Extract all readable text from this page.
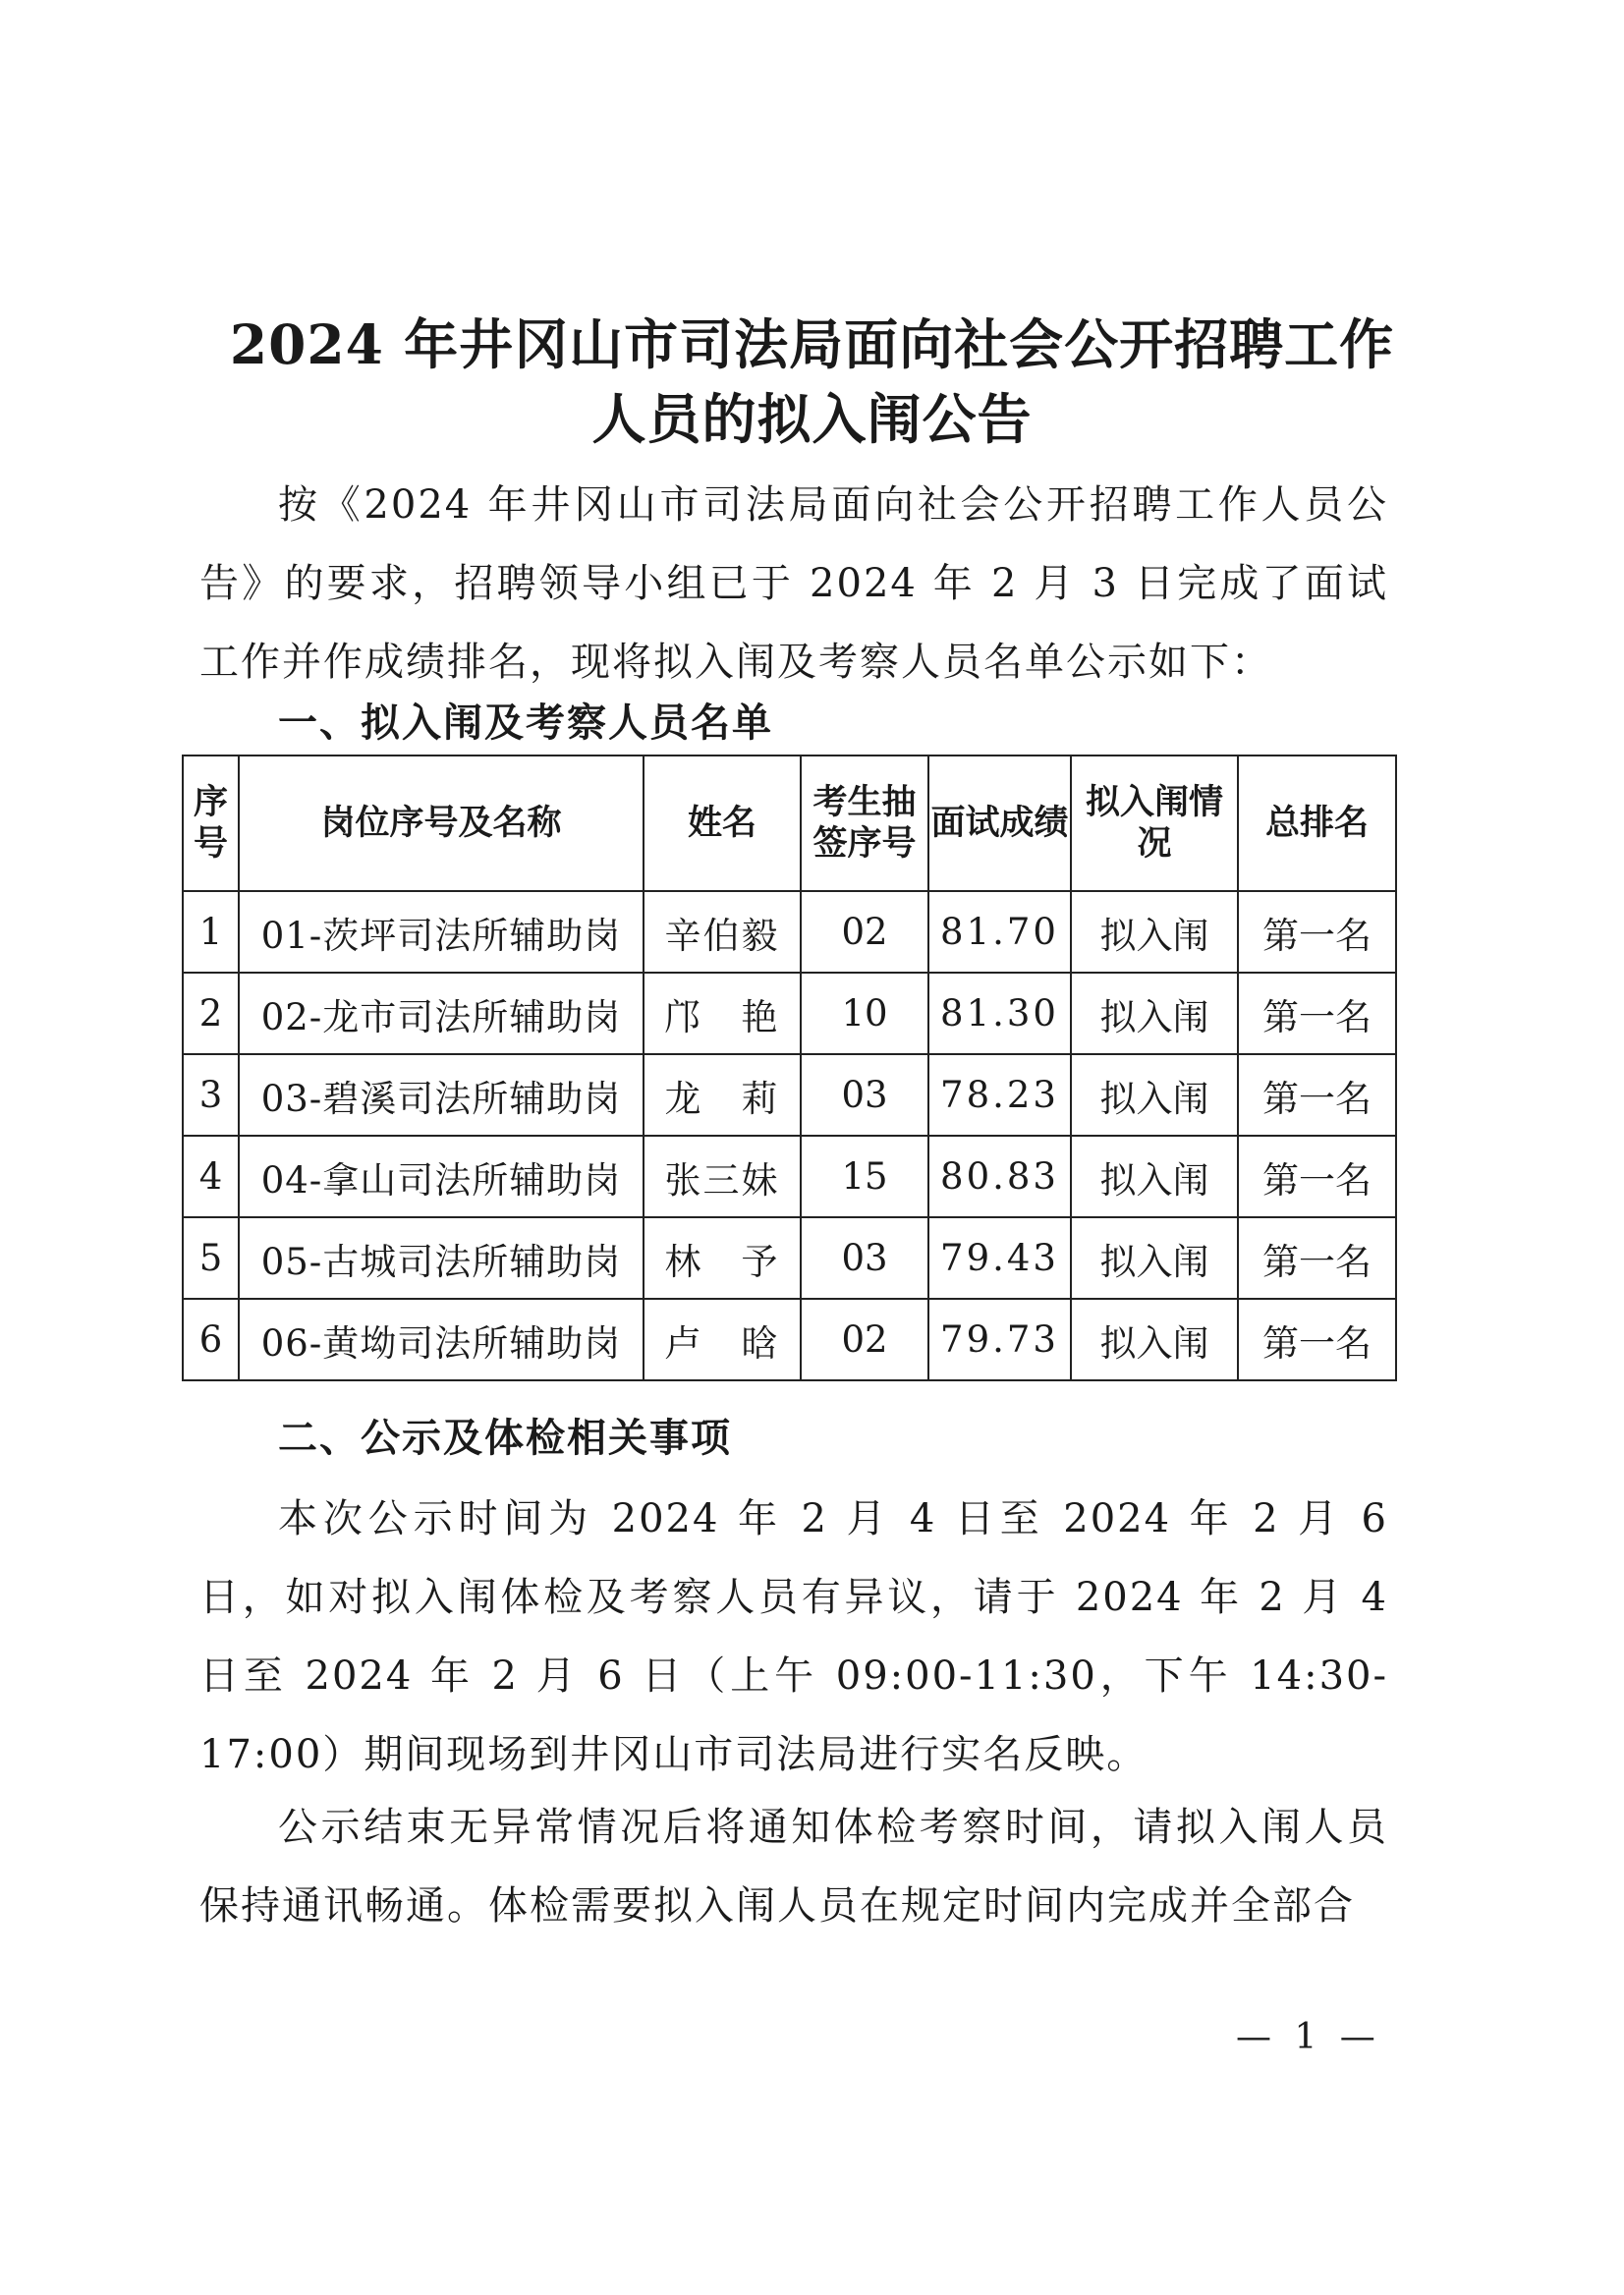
2024 年井冈山市司法局面向社会公开招聘工作
人员的拟入闱公告
按《2024 年井冈山市司法局面向社会公开招聘工作人员公告》的要求，招聘领导小组已于 2024 年 2 月 3 日完成了面试工作并作成绩排名，现将拟入闱及考察人员名单公示如下：
一、拟入闱及考察人员名单
序号	岗位序号及名称	姓名	考生抽签序号	面试成绩	拟入闱情况	总排名
1	01-茨坪司法所辅助岗	辛伯毅	02	81.70	拟入闱	第一名
2	02-龙市司法所辅助岗	邝　艳	10	81.30	拟入闱	第一名
3	03-碧溪司法所辅助岗	龙　莉	03	78.23	拟入闱	第一名
4	04-拿山司法所辅助岗	张三妹	15	80.83	拟入闱	第一名
5	05-古城司法所辅助岗	林　予	03	79.43	拟入闱	第一名
6	06-黄坳司法所辅助岗	卢　晗	02	79.73	拟入闱	第一名
二、公示及体检相关事项
本次公示时间为 2024 年 2 月 4 日至 2024 年 2 月 6 日，如对拟入闱体检及考察人员有异议，请于 2024 年 2 月 4 日至 2024 年 2 月 6 日（上午 09:00-11:30，下午 14:30-17:00）期间现场到井冈山市司法局进行实名反映。
公示结束无异常情况后将通知体检考察时间，请拟入闱人员保持通讯畅通。体检需要拟入闱人员在规定时间内完成并全部合
— 1 —
